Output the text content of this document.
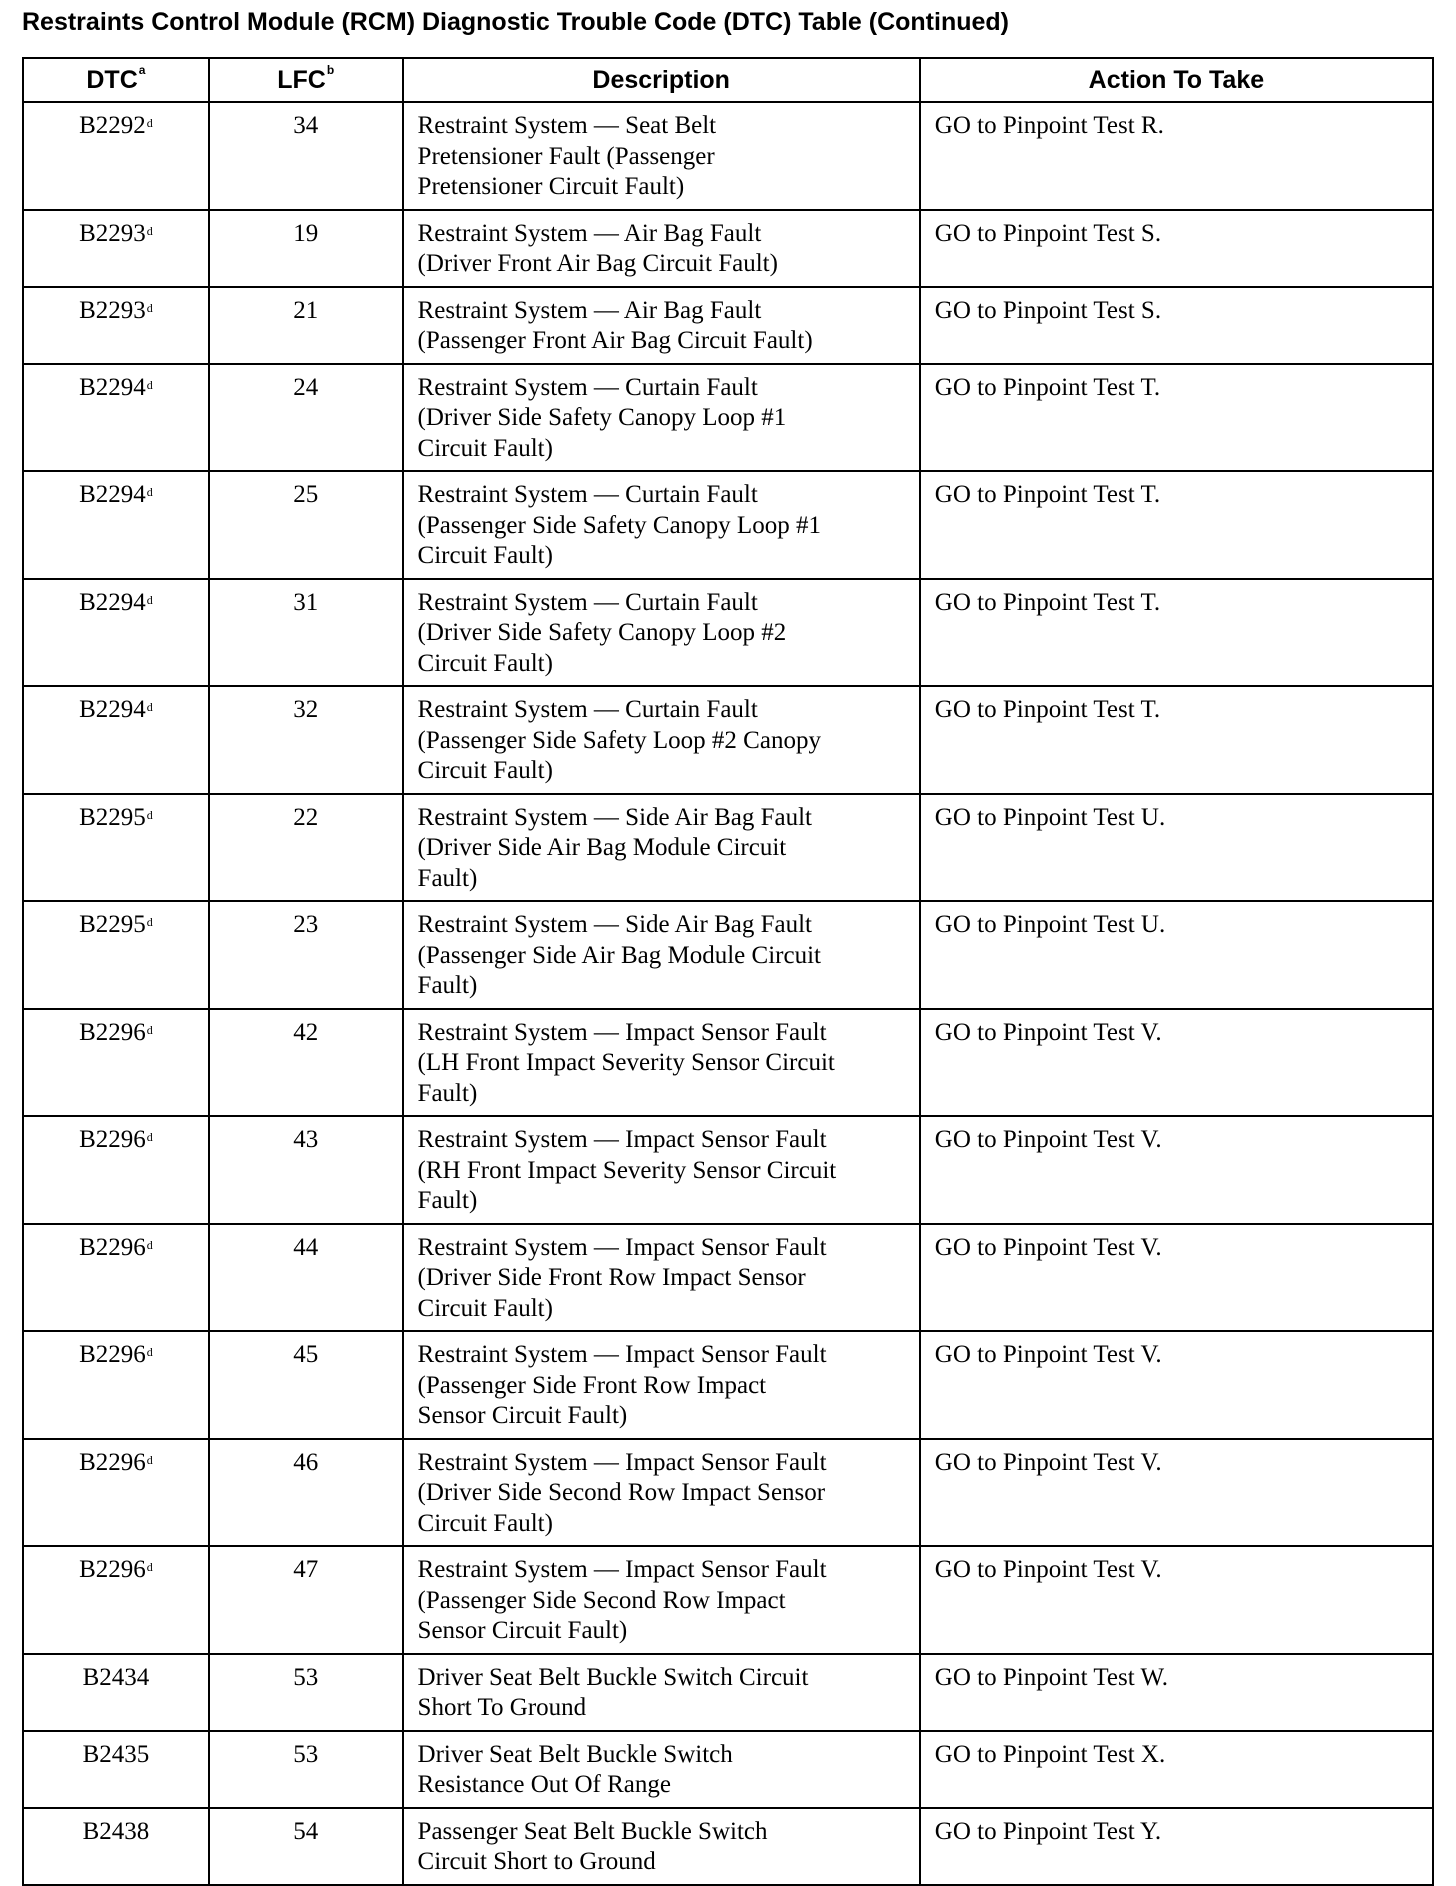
Restraints Control Module (RCM) Diagnostic Trouble Code (DTC) Table (Continued)
DTC$^a$	LFC$^b$	Description	Action To Take
B2292$^d$	34	Restraint System — Seat Belt
Pretensioner Fault (Passenger
Pretensioner Circuit Fault)	GO to Pinpoint Test R.
B2293$^d$	19	Restraint System — Air Bag Fault
(Driver Front Air Bag Circuit Fault)	GO to Pinpoint Test S.
B2293$^d$	21	Restraint System — Air Bag Fault
(Passenger Front Air Bag Circuit Fault)	GO to Pinpoint Test S.
B2294$^d$	24	Restraint System — Curtain Fault
(Driver Side Safety Canopy Loop #1
Circuit Fault)	GO to Pinpoint Test T.
B2294$^d$	25	Restraint System — Curtain Fault
(Passenger Side Safety Canopy Loop #1
Circuit Fault)	GO to Pinpoint Test T.
B2294$^d$	31	Restraint System — Curtain Fault
(Driver Side Safety Canopy Loop #2
Circuit Fault)	GO to Pinpoint Test T.
B2294$^d$	32	Restraint System — Curtain Fault
(Passenger Side Safety Loop #2 Canopy
Circuit Fault)	GO to Pinpoint Test T.
B2295$^d$	22	Restraint System — Side Air Bag Fault
(Driver Side Air Bag Module Circuit
Fault)	GO to Pinpoint Test U.
B2295$^d$	23	Restraint System — Side Air Bag Fault
(Passenger Side Air Bag Module Circuit
Fault)	GO to Pinpoint Test U.
B2296$^d$	42	Restraint System — Impact Sensor Fault
(LH Front Impact Severity Sensor Circuit
Fault)	GO to Pinpoint Test V.
B2296$^d$	43	Restraint System — Impact Sensor Fault
(RH Front Impact Severity Sensor Circuit
Fault)	GO to Pinpoint Test V.
B2296$^d$	44	Restraint System — Impact Sensor Fault
(Driver Side Front Row Impact Sensor
Circuit Fault)	GO to Pinpoint Test V.
B2296$^d$	45	Restraint System — Impact Sensor Fault
(Passenger Side Front Row Impact
Sensor Circuit Fault)	GO to Pinpoint Test V.
B2296$^d$	46	Restraint System — Impact Sensor Fault
(Driver Side Second Row Impact Sensor
Circuit Fault)	GO to Pinpoint Test V.
B2296$^d$	47	Restraint System — Impact Sensor Fault
(Passenger Side Second Row Impact
Sensor Circuit Fault)	GO to Pinpoint Test V.
B2434	53	Driver Seat Belt Buckle Switch Circuit
Short To Ground	GO to Pinpoint Test W.
B2435	53	Driver Seat Belt Buckle Switch
Resistance Out Of Range	GO to Pinpoint Test X.
B2438	54	Passenger Seat Belt Buckle Switch
Circuit Short to Ground	GO to Pinpoint Test Y.
